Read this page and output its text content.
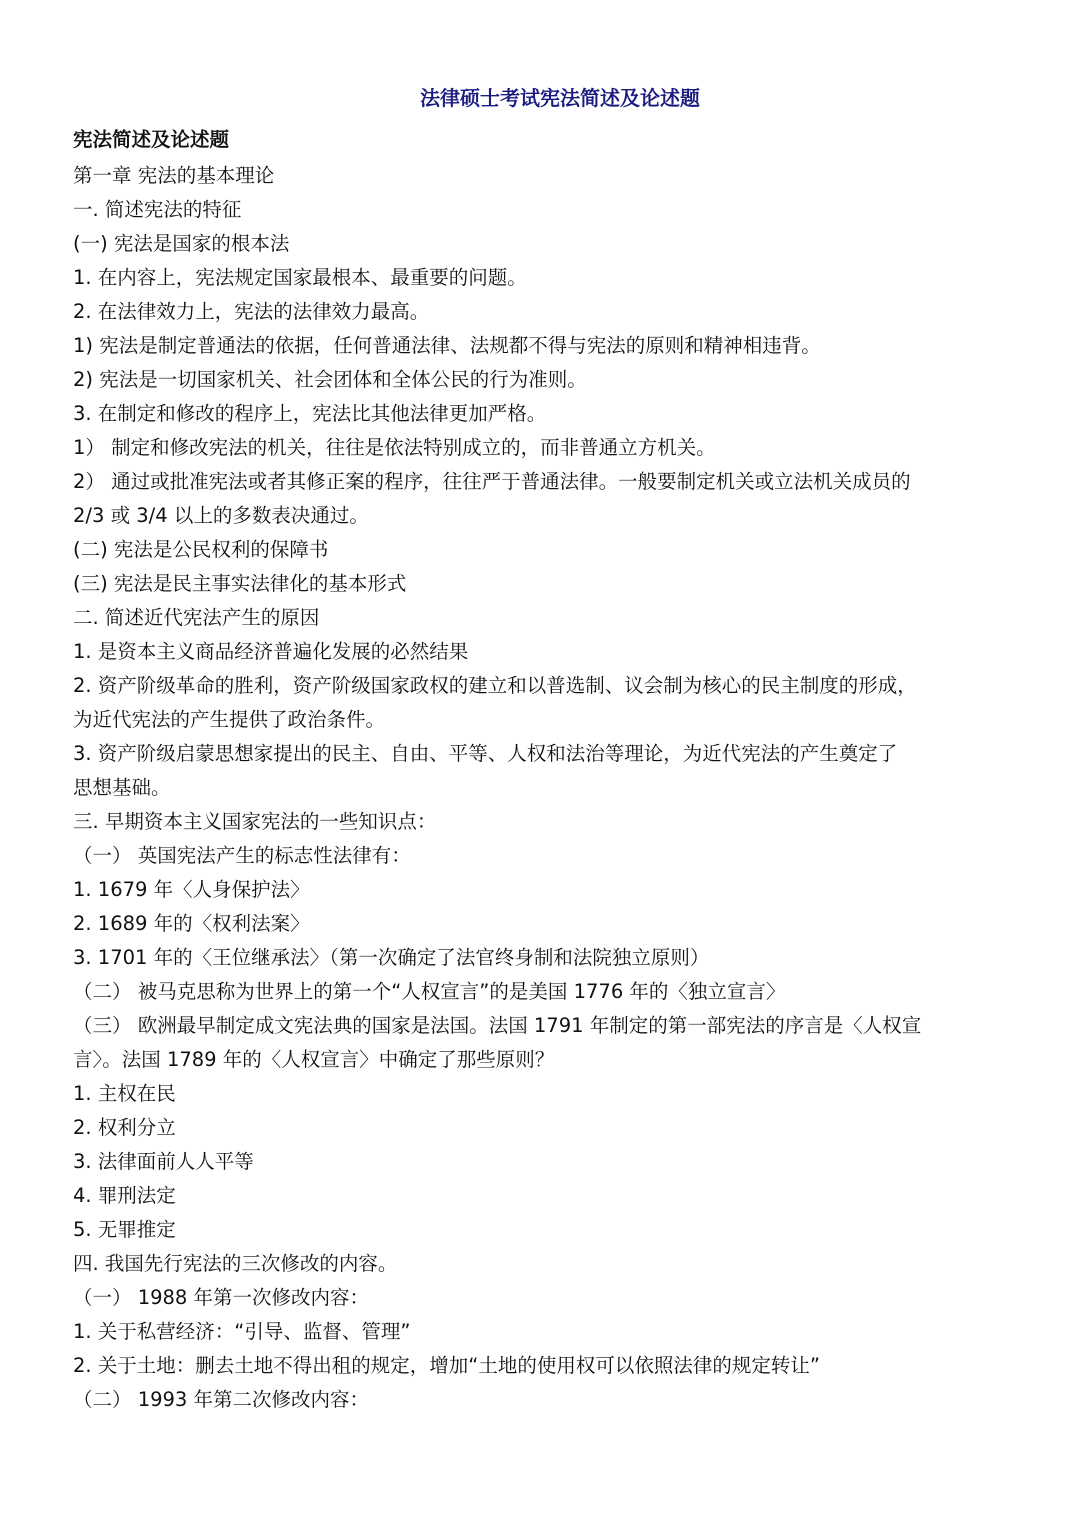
法律硕士考试宪法简述及论述题
宪法简述及论述题
第一章 宪法的基本理论
一. 简述宪法的特征
(一) 宪法是国家的根本法
1. 在内容上，宪法规定国家最根本、最重要的问题。
2. 在法律效力上，宪法的法律效力最高。
1) 宪法是制定普通法的依据，任何普通法律、法规都不得与宪法的原则和精神相违背。
2) 宪法是一切国家机关、社会团体和全体公民的行为准则。
3. 在制定和修改的程序上，宪法比其他法律更加严格。
1） 制定和修改宪法的机关，往往是依法特别成立的，而非普通立方机关。
2） 通过或批准宪法或者其修正案的程序，往往严于普通法律。一般要制定机关或立法机关成员的
2/3 或 3/4 以上的多数表决通过。
(二) 宪法是公民权利的保障书
(三) 宪法是民主事实法律化的基本形式
二. 简述近代宪法产生的原因
1. 是资本主义商品经济普遍化发展的必然结果
2. 资产阶级革命的胜利，资产阶级国家政权的建立和以普选制、议会制为核心的民主制度的形成，
为近代宪法的产生提供了政治条件。
3. 资产阶级启蒙思想家提出的民主、自由、平等、人权和法治等理论，为近代宪法的产生奠定了
思想基础。
三. 早期资本主义国家宪法的一些知识点：
（一） 英国宪法产生的标志性法律有：
1. 1679 年〈人身保护法〉
2. 1689 年的〈权利法案〉
3. 1701 年的〈王位继承法〉（第一次确定了法官终身制和法院独立原则）
（二） 被马克思称为世界上的第一个“人权宣言”的是美国 1776 年的〈独立宣言〉
（三） 欧洲最早制定成文宪法典的国家是法国。法国 1791 年制定的第一部宪法的序言是〈人权宣
言〉。法国 1789 年的〈人权宣言〉中确定了那些原则？
1. 主权在民
2. 权利分立
3. 法律面前人人平等
4. 罪刑法定
5. 无罪推定
四. 我国先行宪法的三次修改的内容。
（一） 1988 年第一次修改内容：
1. 关于私营经济：“引导、监督、管理”
2. 关于土地：删去土地不得出租的规定，增加“土地的使用权可以依照法律的规定转让”
（二） 1993 年第二次修改内容：
